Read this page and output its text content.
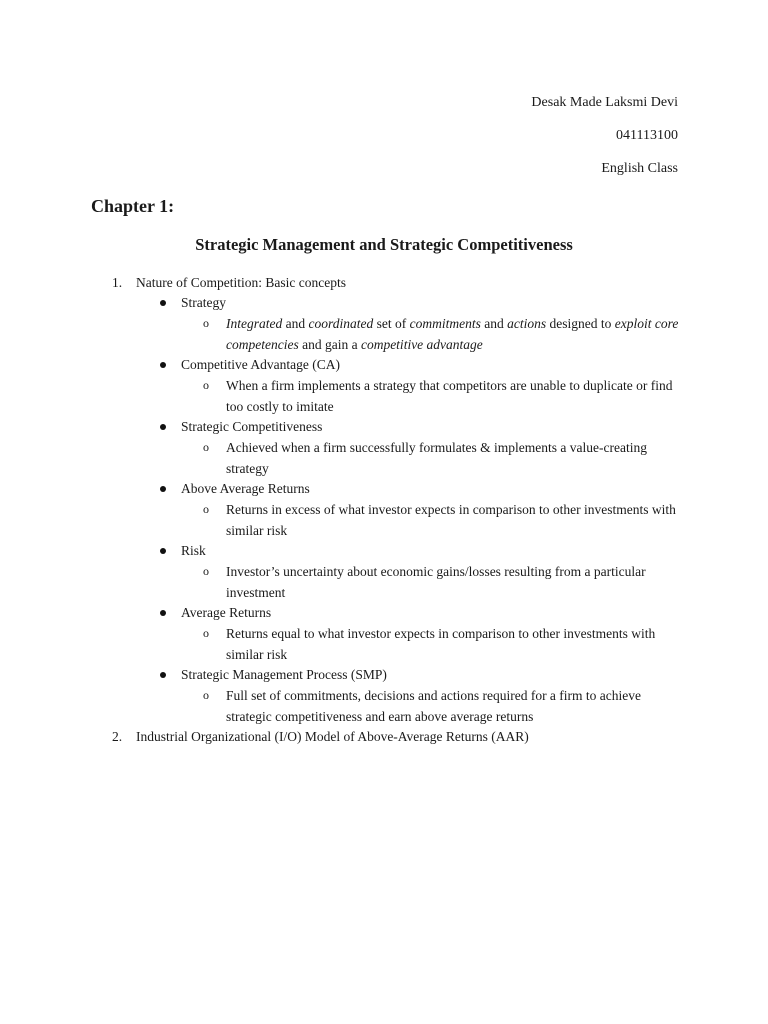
Desak Made Laksmi Devi
041113100
English Class
Chapter 1:
Strategic Management and Strategic Competitiveness
1. Nature of Competition: Basic concepts
Strategy
o Integrated and coordinated set of commitments and actions designed to exploit core competencies and gain a competitive advantage
Competitive Advantage (CA)
o When a firm implements a strategy that competitors are unable to duplicate or find too costly to imitate
Strategic Competitiveness
o Achieved when a firm successfully formulates & implements a value-creating strategy
Above Average Returns
o Returns in excess of what investor expects in comparison to other investments with similar risk
Risk
o Investor’s uncertainty about economic gains/losses resulting from a particular investment
Average Returns
o Returns equal to what investor expects in comparison to other investments with similar risk
Strategic Management Process (SMP)
o Full set of commitments, decisions and actions required for a firm to achieve strategic competitiveness and earn above average returns
2. Industrial Organizational (I/O) Model of Above-Average Returns (AAR)
